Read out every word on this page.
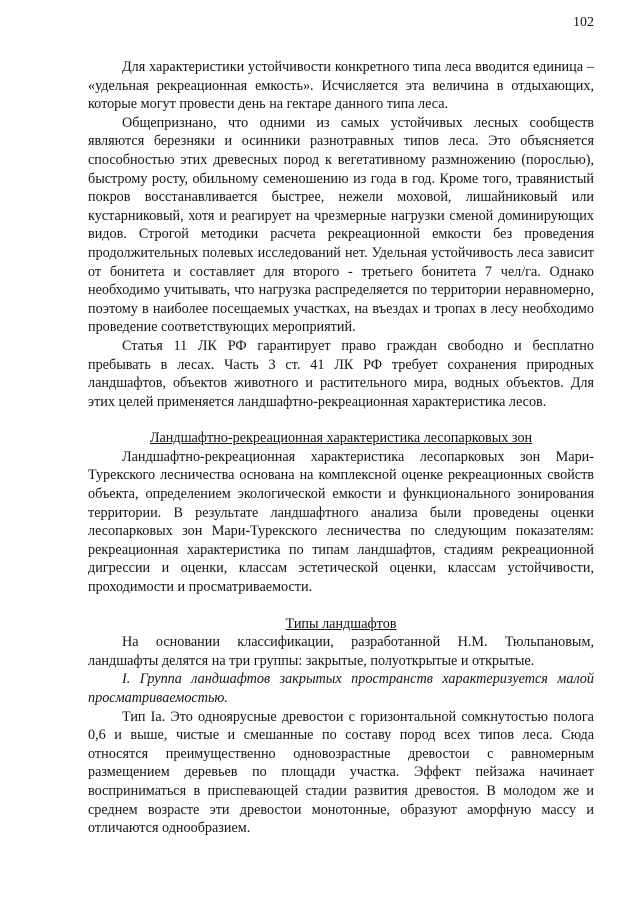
102

Для характеристики устойчивости конкретного типа леса вводится единица – «удельная рекреационная емкость». Исчисляется эта величина в отдыхающих, которые могут провести день на гектаре данного типа леса.

Общепризнано, что одними из самых устойчивых лесных сообществ являются березняки и осинники разнотравных типов леса. Это объясняется способностью этих древесных пород к вегетативному размножению (порослью), быстрому росту, обильному семеношению из года в год. Кроме того, травянистый покров восстанавливается быстрее, нежели моховой, лишайниковый или кустарниковый, хотя и реагирует на чрезмерные нагрузки сменой доминирующих видов. Строгой методики расчета рекреационной емкости без проведения продолжительных полевых исследований нет. Удельная устойчивость леса зависит от бонитета и составляет для второго - третьего бонитета 7 чел/га. Однако необходимо учитывать, что нагрузка распределяется по территории неравномерно, поэтому в наиболее посещаемых участках, на въездах и тропах в лесу необходимо проведение соответствующих мероприятий.

Статья 11 ЛК РФ гарантирует право граждан свободно и бесплатно пребывать в лесах. Часть 3 ст. 41 ЛК РФ требует сохранения природных ландшафтов, объектов животного и растительного мира, водных объектов. Для этих целей применяется ландшафтно-рекреационная характеристика лесов.

Ландшафтно-рекреационная характеристика лесопарковых зон

Ландшафтно-рекреационная характеристика лесопарковых зон Мари-Турекского лесничества основана на комплексной оценке рекреационных свойств объекта, определением экологической емкости и функционального зонирования территории. В результате ландшафтного анализа были проведены оценки лесопарковых зон Мари-Турекского лесничества по следующим показателям: рекреационная характеристика по типам ландшафтов, стадиям рекреационной дигрессии и оценки, классам эстетической оценки, классам устойчивости, проходимости и просматриваемости.

Типы ландшафтов

На основании классификации, разработанной Н.М. Тюльпановым, ландшафты делятся на три группы: закрытые, полуоткрытые и открытые.

I. Группа ландшафтов закрытых пространств характеризуется малой просматриваемостью.

Тип Iа. Это одноярусные древостои с горизонтальной сомкнутостью полога 0,6 и выше, чистые и смешанные по составу пород всех типов леса. Сюда относятся преимущественно одновозрастные древостои с равномерным размещением деревьев по площади участка. Эффект пейзажа начинает восприниматься в приспевающей стадии развития древостоя. В молодом же и среднем возрасте эти древостои монотонные, образуют аморфную массу и отличаются однообразием.
